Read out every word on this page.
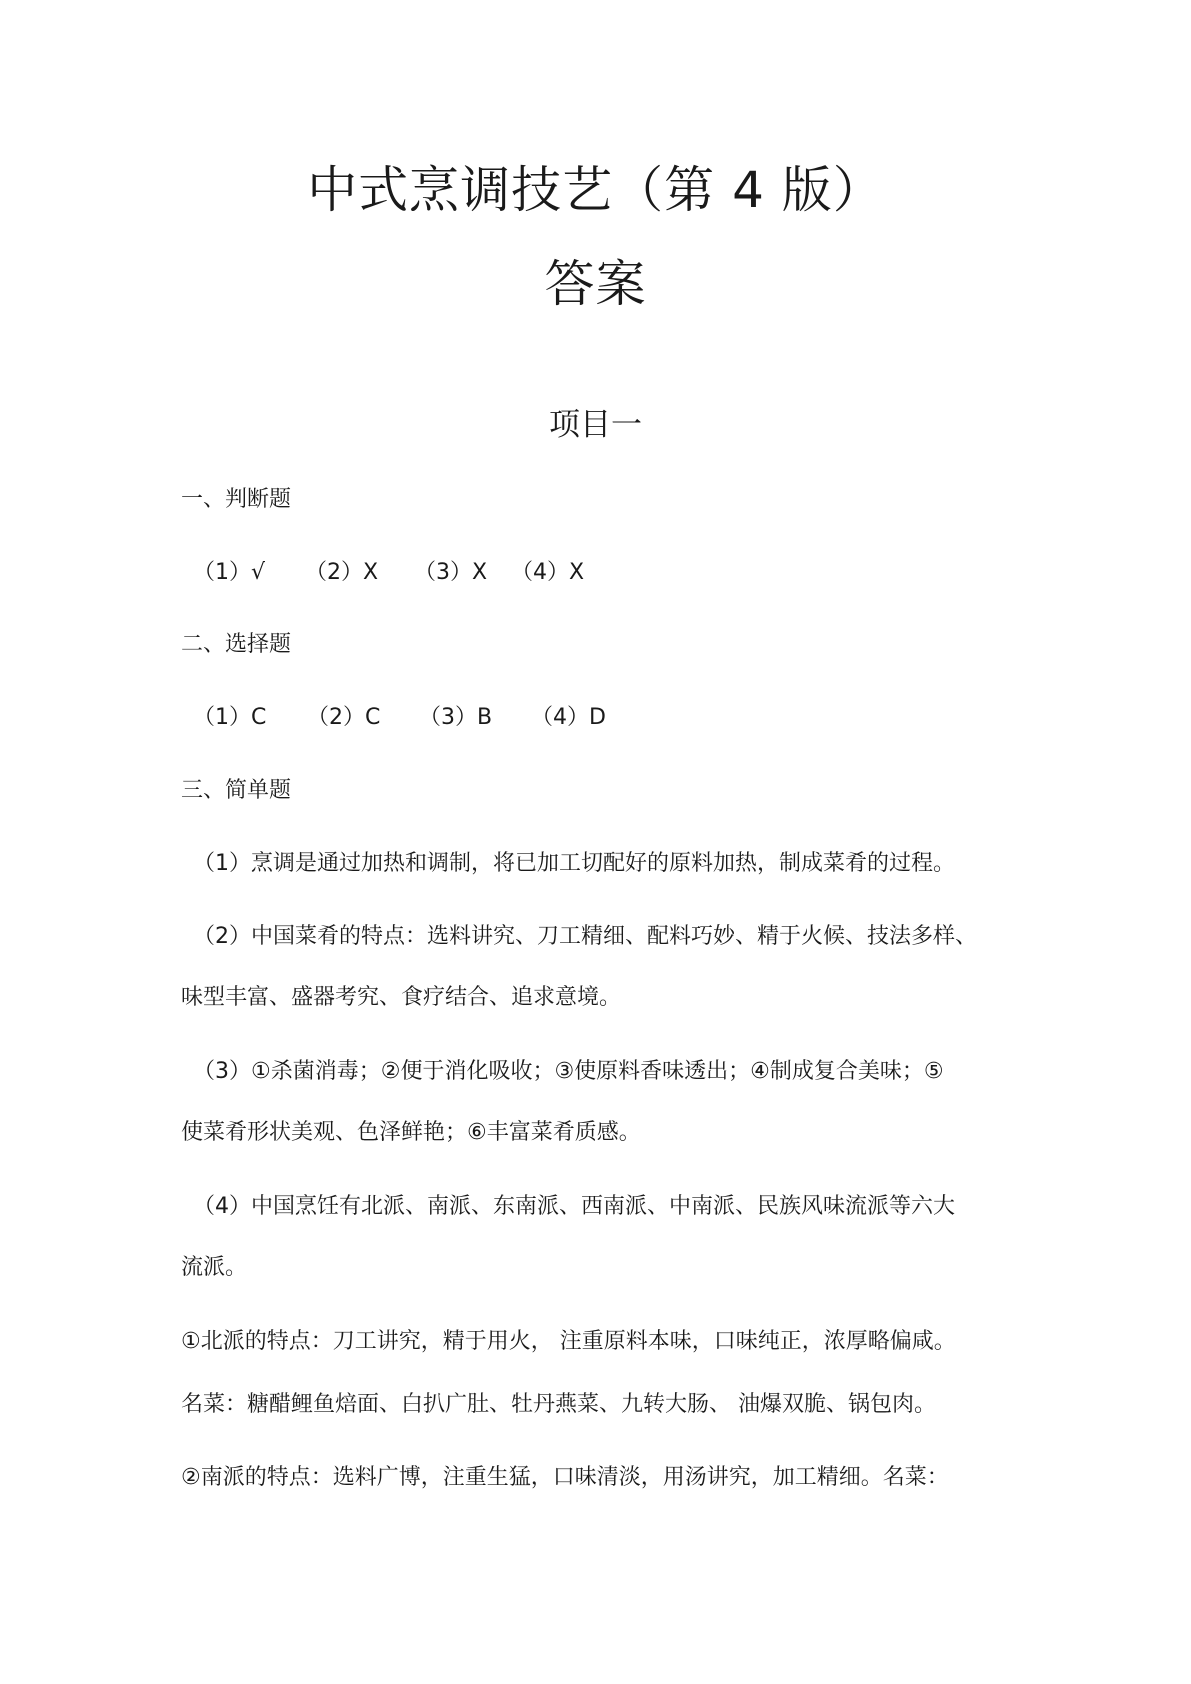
中式烹调技艺（第 4 版）
答案
项目一
一、判断题
（1）√ （2）X （3）X （4）X
二、选择题
（1）C （2）C （3）B （4）D
三、简单题
（1）烹调是通过加热和调制，将已加工切配好的原料加热，制成菜肴的过程。
（2）中国菜肴的特点：选料讲究、刀工精细、配料巧妙、精于火候、技法多样、
味型丰富、盛器考究、食疗结合、追求意境。
（3）①杀菌消毒；②便于消化吸收；③使原料香味透出；④制成复合美味；⑤
使菜肴形状美观、色泽鲜艳；⑥丰富菜肴质感。
（4）中国烹饪有北派、南派、东南派、西南派、中南派、民族风味流派等六大
流派。
①北派的特点：刀工讲究，精于用火， 注重原料本味，口味纯正，浓厚略偏咸。
名菜：糖醋鲤鱼焙面、白扒广肚、牡丹燕菜、九转大肠、 油爆双脆、锅包肉。
②南派的特点：选料广博，注重生猛，口味清淡，用汤讲究，加工精细。名菜：
